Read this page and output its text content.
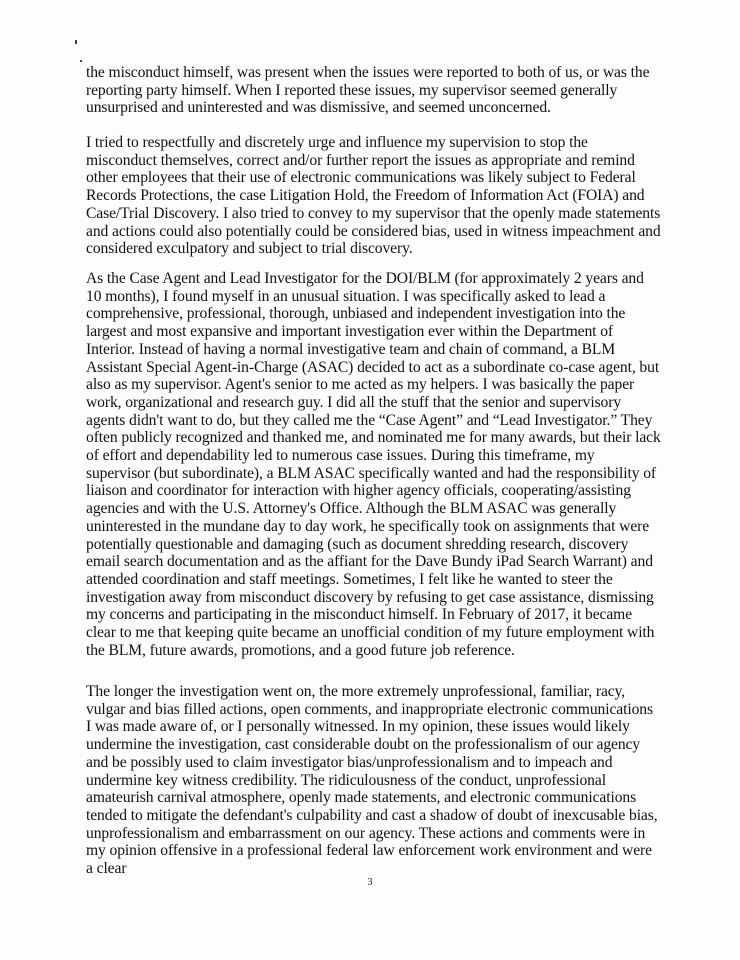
the misconduct himself, was present when the issues were reported to both of us, or was the reporting party himself. When I reported these issues, my supervisor seemed generally unsurprised and uninterested and was dismissive, and seemed unconcerned.

I tried to respectfully and discretely urge and influence my supervision to stop the misconduct themselves, correct and/or further report the issues as appropriate and remind other employees that their use of electronic communications was likely subject to Federal Records Protections, the case Litigation Hold, the Freedom of Information Act (FOIA) and Case/Trial Discovery. I also tried to convey to my supervisor that the openly made statements and actions could also potentially could be considered bias, used in witness impeachment and considered exculpatory and subject to trial discovery.

As the Case Agent and Lead Investigator for the DOI/BLM (for approximately 2 years and 10 months), I found myself in an unusual situation. I was specifically asked to lead a comprehensive, professional, thorough, unbiased and independent investigation into the largest and most expansive and important investigation ever within the Department of Interior. Instead of having a normal investigative team and chain of command, a BLM Assistant Special Agent-in-Charge (ASAC) decided to act as a subordinate co-case agent, but also as my supervisor. Agent's senior to me acted as my helpers. I was basically the paper work, organizational and research guy. I did all the stuff that the senior and supervisory agents didn't want to do, but they called me the “Case Agent” and “Lead Investigator.” They often publicly recognized and thanked me, and nominated me for many awards, but their lack of effort and dependability led to numerous case issues. During this timeframe, my supervisor (but subordinate), a BLM ASAC specifically wanted and had the responsibility of liaison and coordinator for interaction with higher agency officials, cooperating/assisting agencies and with the U.S. Attorney's Office. Although the BLM ASAC was generally uninterested in the mundane day to day work, he specifically took on assignments that were potentially questionable and damaging (such as document shredding research, discovery email search documentation and as the affiant for the Dave Bundy iPad Search Warrant) and attended coordination and staff meetings. Sometimes, I felt like he wanted to steer the investigation away from misconduct discovery by refusing to get case assistance, dismissing my concerns and participating in the misconduct himself. In February of 2017, it became clear to me that keeping quite became an unofficial condition of my future employment with the BLM, future awards, promotions, and a good future job reference.

The longer the investigation went on, the more extremely unprofessional, familiar, racy, vulgar and bias filled actions, open comments, and inappropriate electronic communications I was made aware of, or I personally witnessed. In my opinion, these issues would likely undermine the investigation, cast considerable doubt on the professionalism of our agency and be possibly used to claim investigator bias/unprofessionalism and to impeach and undermine key witness credibility. The ridiculousness of the conduct, unprofessional amateurish carnival atmosphere, openly made statements, and electronic communications tended to mitigate the defendant's culpability and cast a shadow of doubt of inexcusable bias, unprofessionalism and embarrassment on our agency. These actions and comments were in my opinion offensive in a professional federal law enforcement work environment and were a clear

3
